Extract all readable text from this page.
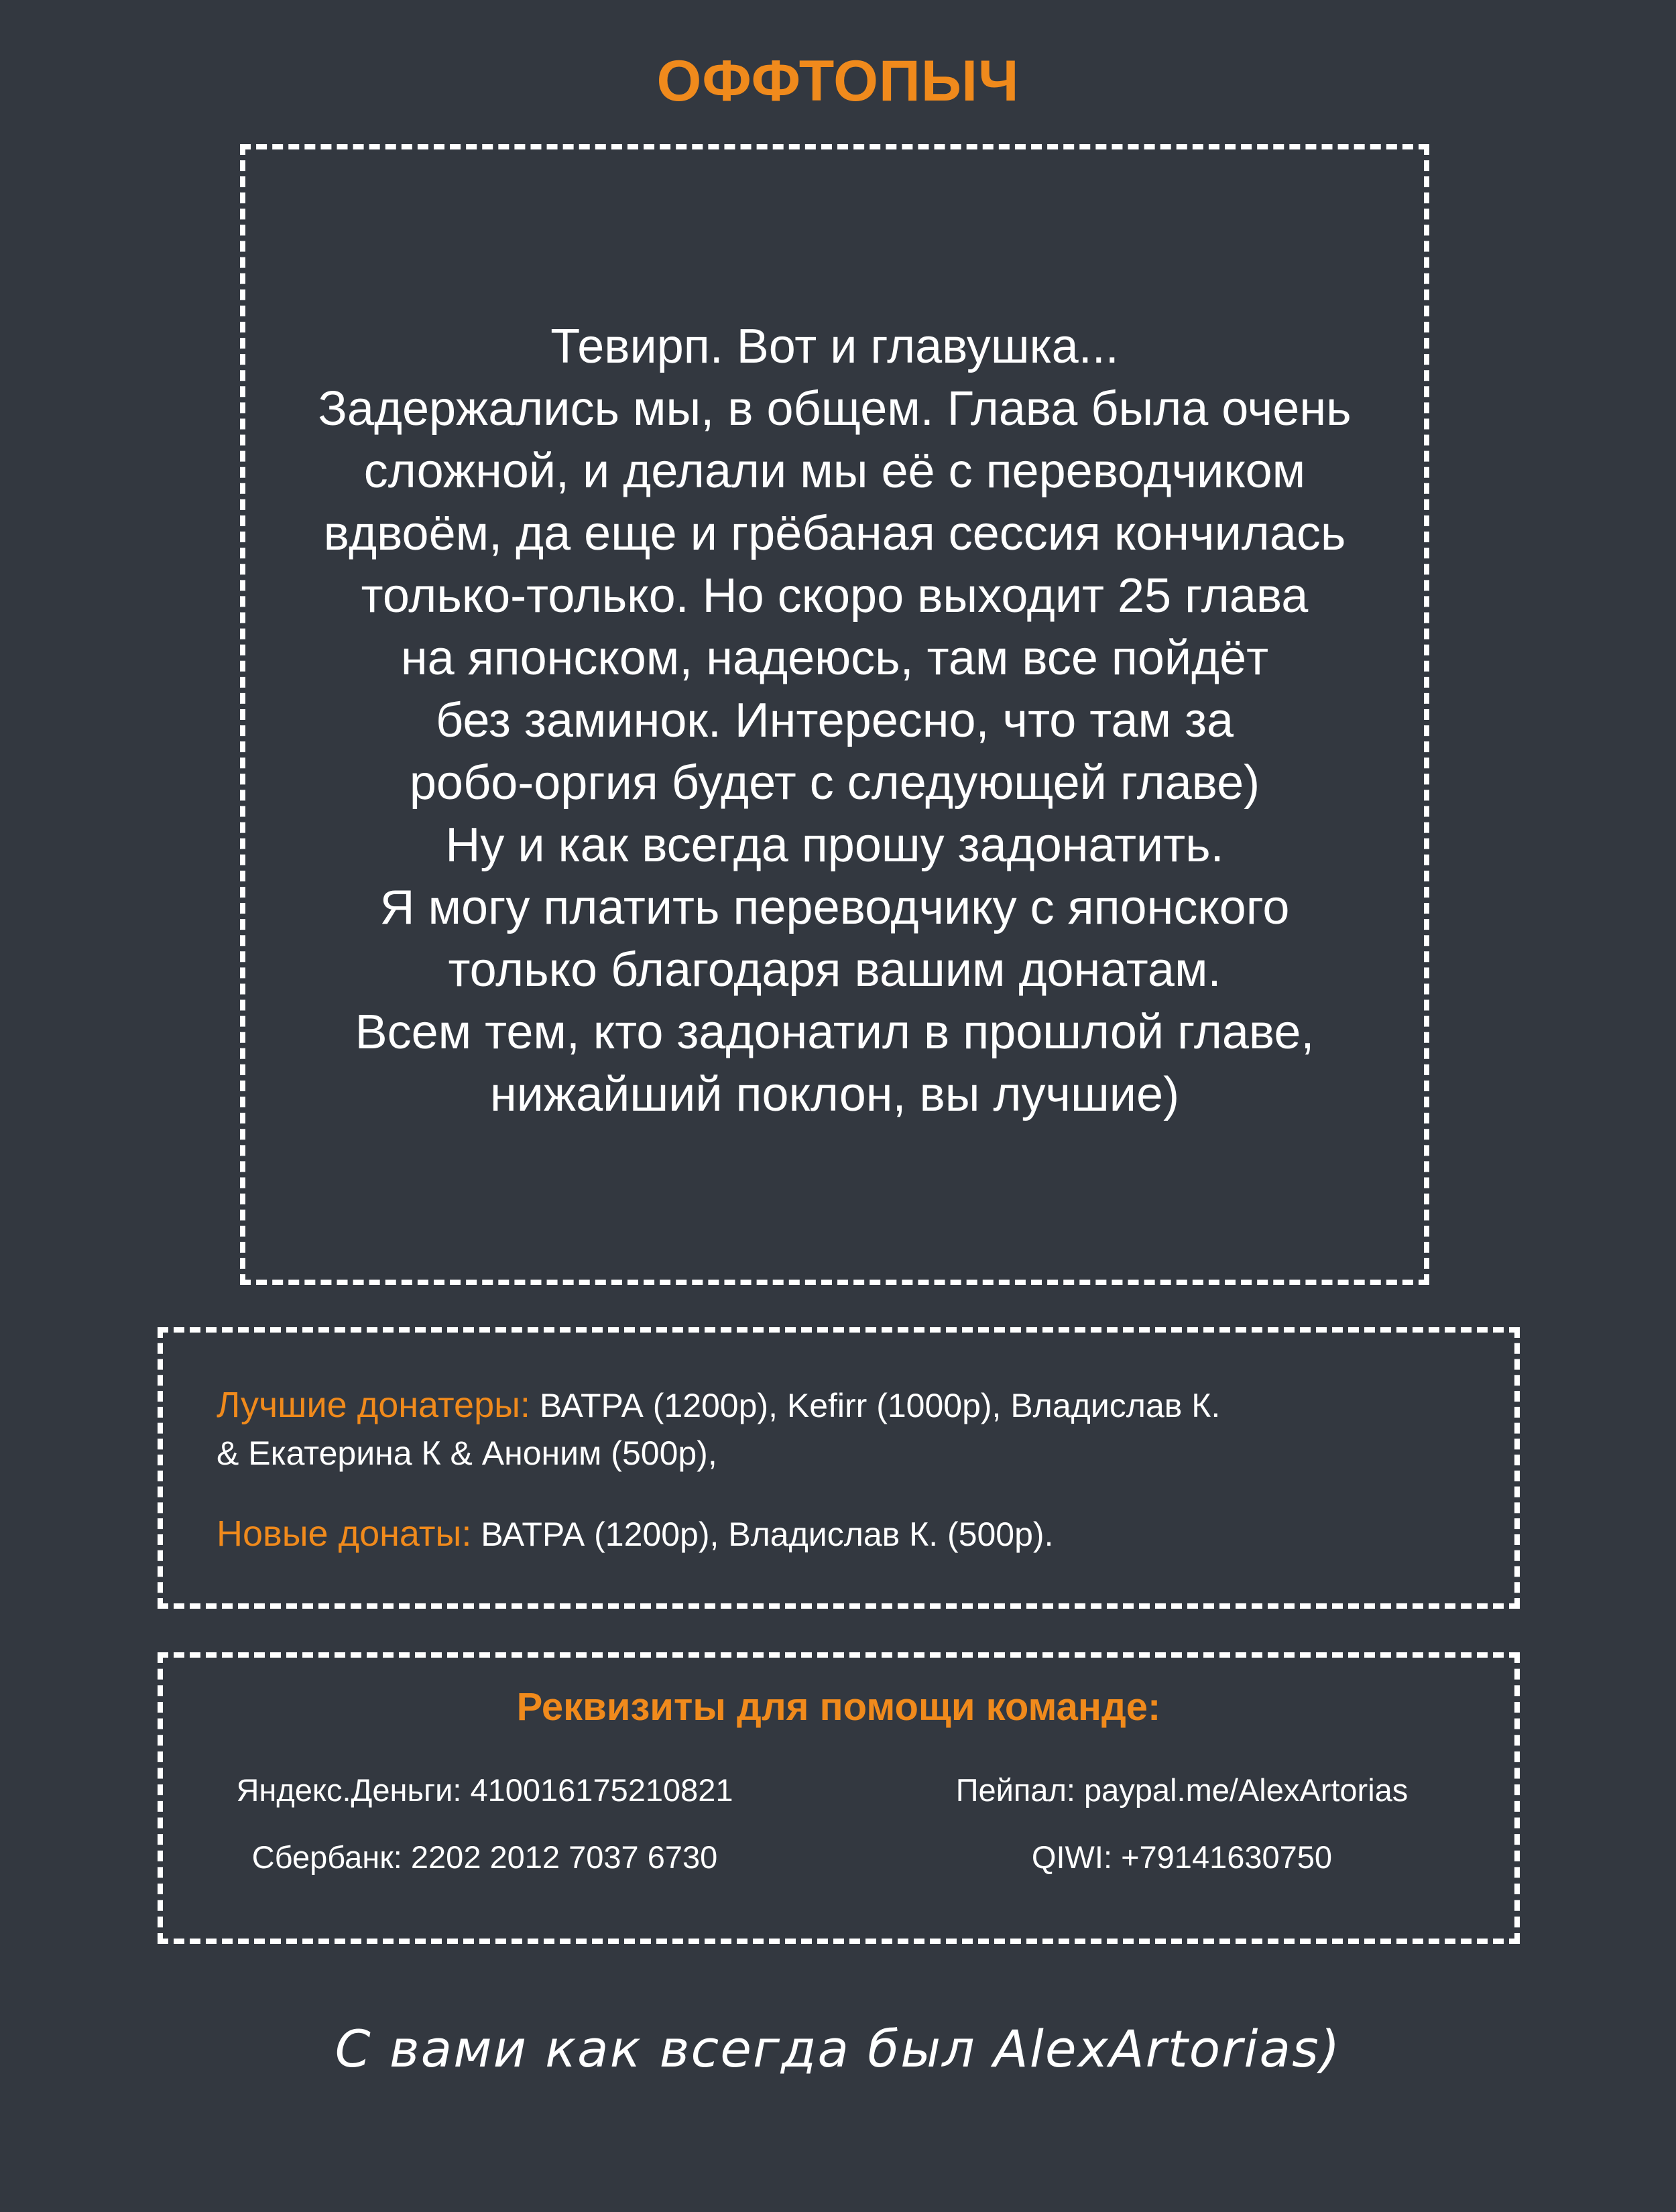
ОФФТОПЫЧ
Тевирп. Вот и главушка...
Задержались мы, в общем. Глава была очень
сложной, и делали мы её с переводчиком
вдвоём, да еще и грёбаная сессия кончилась
только-только. Но скоро выходит 25 глава
на японском, надеюсь, там все пойдёт
без заминок. Интересно, что там за
робо-оргия будет с следующей главе)
Ну и как всегда прошу задонатить.
Я могу платить переводчику с японского
только благодаря вашим донатам.
Всем тем, кто задонатил в прошлой главе,
нижайший поклон, вы лучшие)
Лучшие донатеры: ВАТРА (1200р), Kefirr (1000р), Владислав К.
& Екатерина К & Аноним (500р),
Новые донаты: ВАТРА (1200р), Владислав К. (500р).
Реквизиты для помощи команде:
Яндекс.Деньги: 410016175210821	Пейпал: paypal.me/AlexArtorias
Сбербанк: 2202 2012 7037 6730	QIWI: +79141630750
С вами как всегда был AlexArtorias)
